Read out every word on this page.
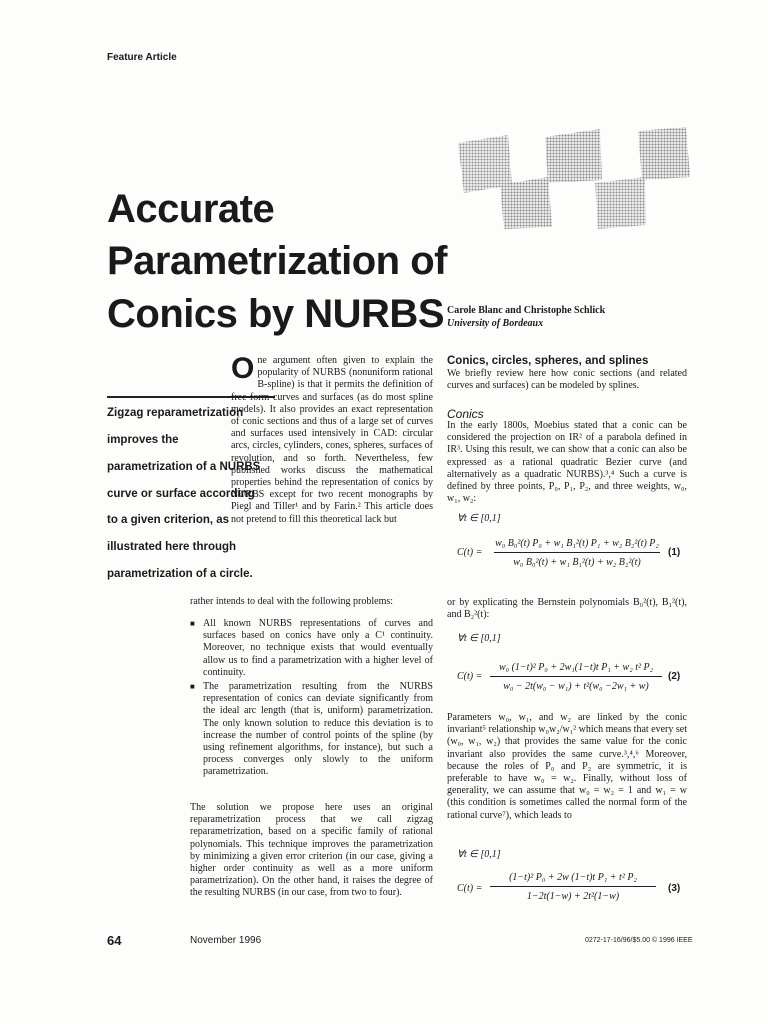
Feature Article
Accurate
Parametrization of
Conics by NURBS Carole Blanc and Christophe Schlick
University of Bordeaux
Zigzag reparametrization
improves the
parametrization of a NURBS
curve or surface according
to a given criterion, as
illustrated here through
parametrization of a circle.
One argument often given to explain the popularity of NURBS (nonuniform rational B-spline) is that it permits the definition of free-form curves and surfaces (as do most spline models). It also provides an exact representation of conic sections and thus of a large set of curves and surfaces used intensively in CAD: circular arcs, circles, cylinders, cones, spheres, surfaces of revolution, and so forth. Nevertheless, few published works discuss the mathematical properties behind the representation of conics by NURBS except for two recent monographs by Piegl and Tiller¹ and by Farin.² This article does not pretend to fill this theoretical lack but
rather intends to deal with the following problems:
■ All known NURBS representations of curves and surfaces based on conics have only a C¹ continuity. Moreover, no technique exists that would eventually allow us to find a parametrization with a higher level of continuity.
■ The parametrization resulting from the NURBS representation of conics can deviate significantly from the ideal arc length (that is, uniform) parametrization. The only known solution to reduce this deviation is to increase the number of control points of the spline (by using refinement algorithms, for instance), but such a process converges only slowly to the uniform parametrization.
The solution we propose here uses an original reparametrization process that we call zigzag reparametrization, based on a specific family of rational polynomials. This technique improves the parametrization by minimizing a given error criterion (in our case, giving a higher order continuity as well as a more uniform parametrization). On the other hand, it raises the degree of the resulting NURBS (in our case, from two to four).
Conics, circles, spheres, and splines
We briefly review here how conic sections (and related curves and surfaces) can be modeled by splines.
Conics
In the early 1800s, Moebius stated that a conic can be considered the projection on IR² of a parabola defined in IR³. Using this result, we can show that a conic can also be expressed as a rational quadratic Bezier curve (and alternatively as a quadratic NURBS).³,⁴ Such a curve is defined by three points, P₀, P₁, P₂, and three weights, w₀, w₁, w₂:
∀t ∈ [0,1]
C(t) =
w₀ B₀²(t) P₀ + w₁ B₁²(t) P₁ + w₂ B₂²(t) P₂
w₀ B₀²(t) + w₁ B₁²(t) + w₂ B₂²(t)
(1)
or by explicating the Bernstein polynomials B₀²(t), B₁²(t), and B₂²(t):
∀t ∈ [0,1]
C(t) =
w₀ (1−t)² P₀ + 2w₁(1−t)t P₁ + w₂ t² P₂
w₀ − 2t(w₀ − w₁) + t²(w₀ −2w₁ + w)
(2)
Parameters w₀, w₁, and w₂ are linked by the conic invariant⁵ relationship w₀w₂/w₁² which means that every set (w₀, w₁, w₂) that provides the same value for the conic invariant also provides the same curve.³,⁴,⁶ Moreover, because the roles of P₀ and P₂ are symmetric, it is preferable to have w₀ = w₂. Finally, without loss of generality, we can assume that w₀ = w₂ = 1 and w₁ = w (this condition is sometimes called the normal form of the rational curve⁷), which leads to
∀t ∈ [0,1]
C(t) =
(1−t)² P₀ + 2w (1−t)t P₁ + t² P₂
1−2t(1−w) + 2t²(1−w)
(3)
64	November 1996	0272-17-16/96/$5.00 © 1996 IEEE
